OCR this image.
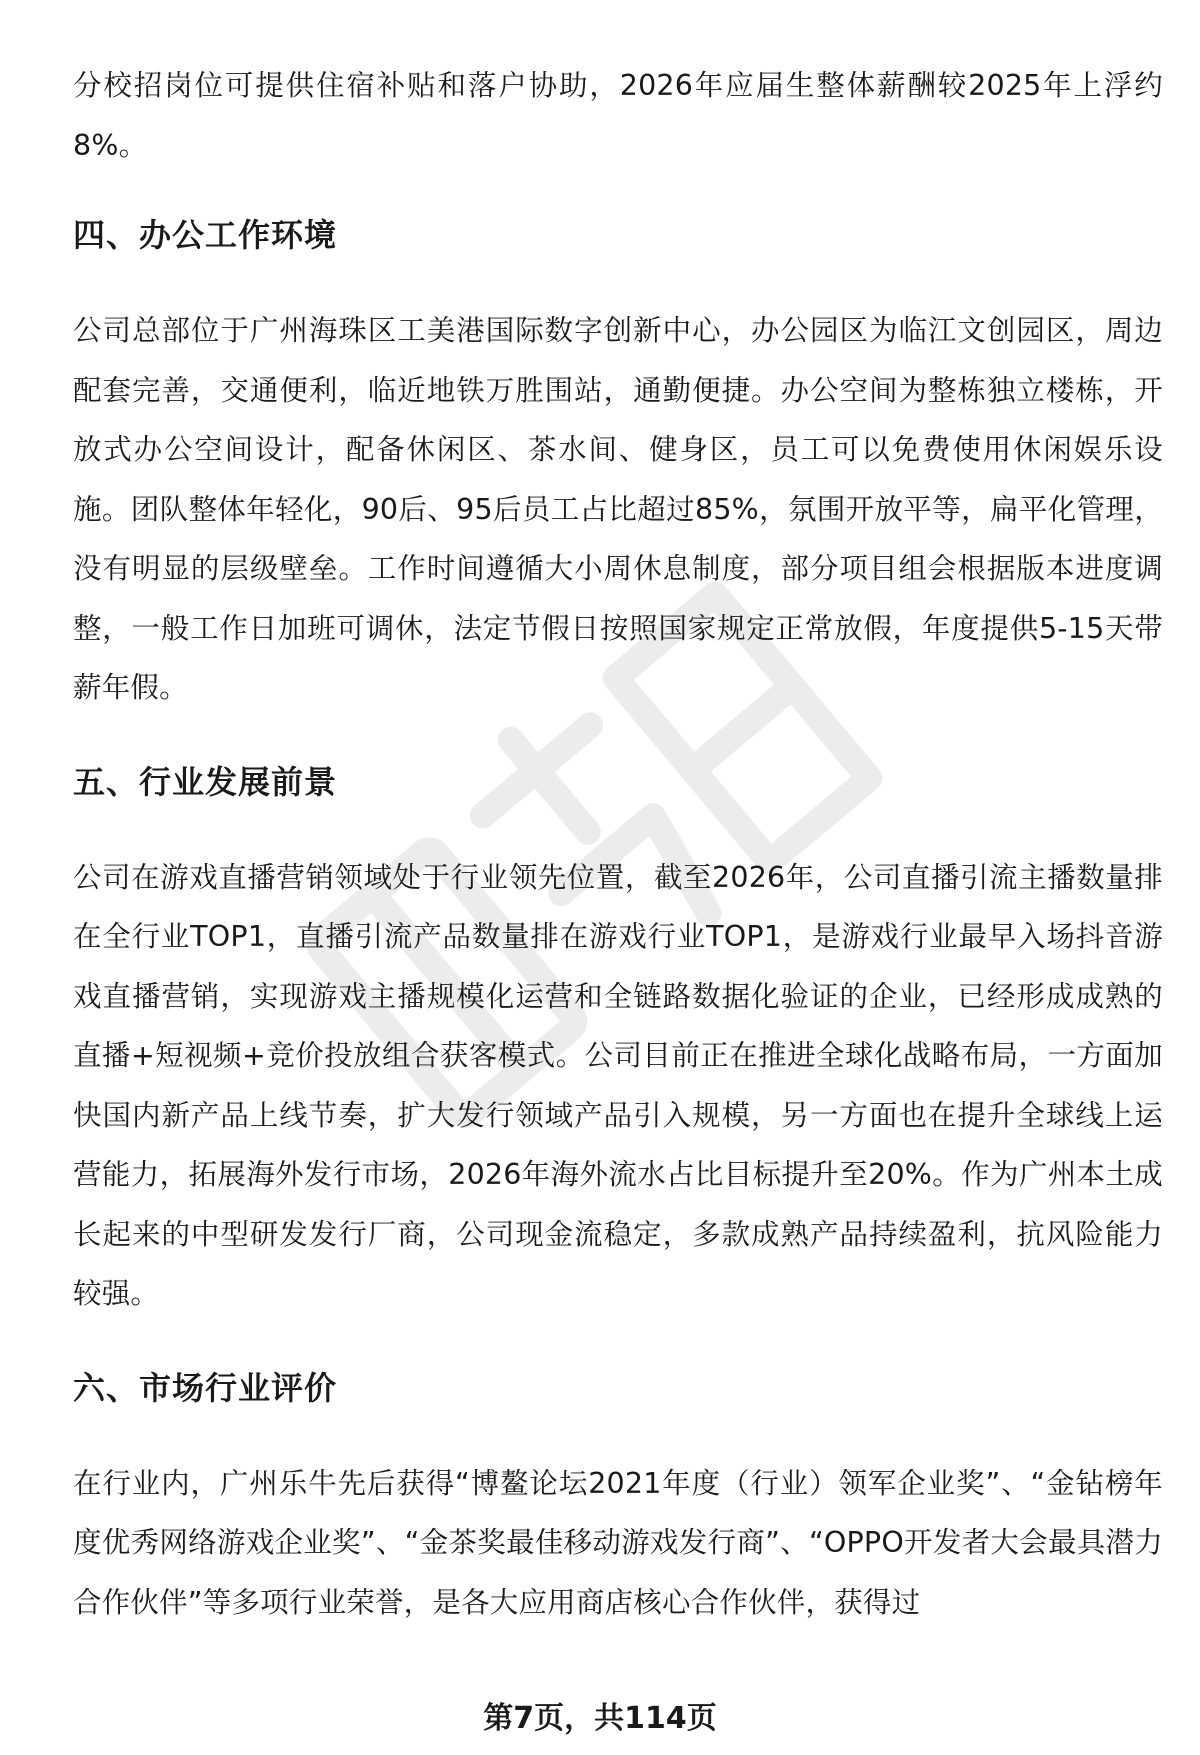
分校招岗位可提供住宿补贴和落户协助，2026年应届生整体薪酬较2025年上浮约8%。

四、办公工作环境

公司总部位于广州海珠区工美港国际数字创新中心，办公园区为临江文创园区，周边配套完善，交通便利，临近地铁万胜围站，通勤便捷。办公空间为整栋独立楼栋，开放式办公空间设计，配备休闲区、茶水间、健身区，员工可以免费使用休闲娱乐设施。团队整体年轻化，90后、95后员工占比超过85%，氛围开放平等，扁平化管理，没有明显的层级壁垒。工作时间遵循大小周休息制度，部分项目组会根据版本进度调整，一般工作日加班可调休，法定节假日按照国家规定正常放假，年度提供5-15天带薪年假。

五、行业发展前景

公司在游戏直播营销领域处于行业领先位置，截至2026年，公司直播引流主播数量排在全行业TOP1，直播引流产品数量排在游戏行业TOP1，是游戏行业最早入场抖音游戏直播营销，实现游戏主播规模化运营和全链路数据化验证的企业，已经形成成熟的直播+短视频+竞价投放组合获客模式。公司目前正在推进全球化战略布局，一方面加快国内新产品上线节奏，扩大发行领域产品引入规模，另一方面也在提升全球线上运营能力，拓展海外发行市场，2026年海外流水占比目标提升至20%。作为广州本土成长起来的中型研发发行厂商，公司现金流稳定，多款成熟产品持续盈利，抗风险能力较强。

六、市场行业评价

在行业内，广州乐牛先后获得“博鳌论坛2021年度（行业）领军企业奖”、“金钻榜年度优秀网络游戏企业奖”、“金茶奖最佳移动游戏发行商”、“OPPO开发者大会最具潜力合作伙伴”等多项行业荣誉，是各大应用商店核心合作伙伴，获得过

第7页，共114页
